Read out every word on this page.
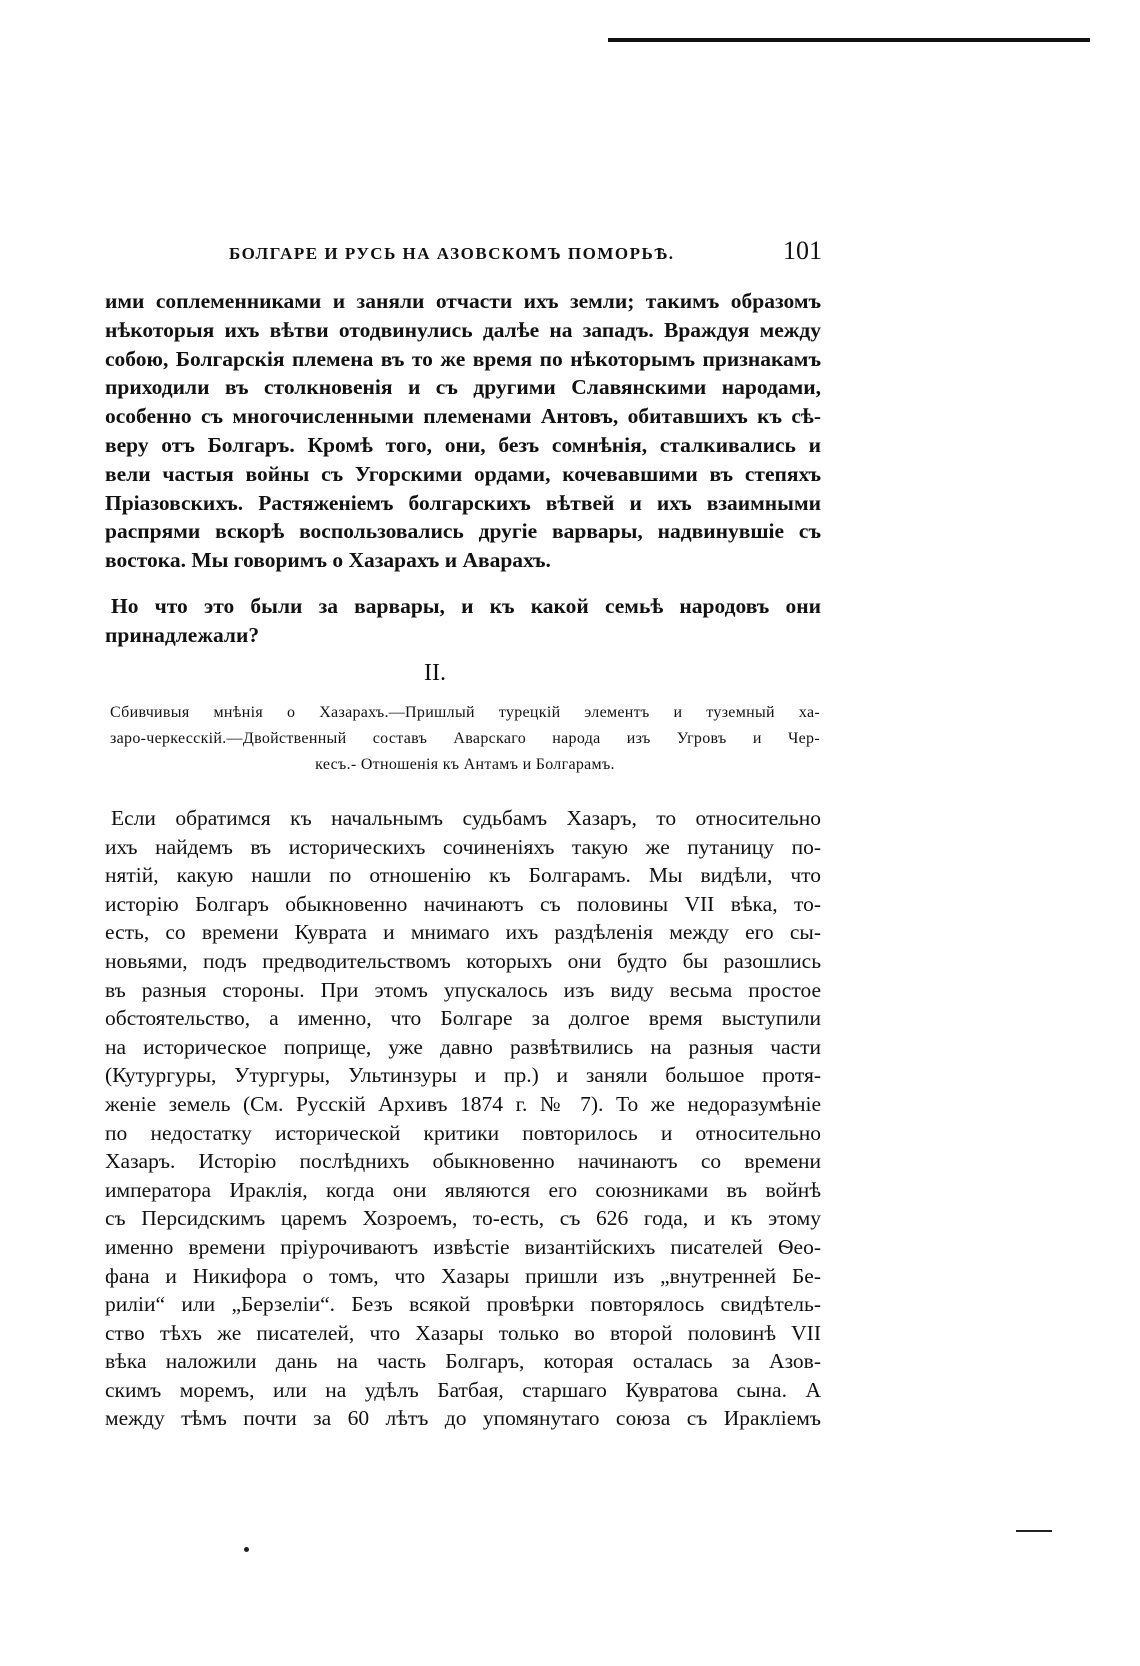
БОЛГАРЕ И РУСЬ НА АЗОВСКОМЪ ПОМОРЬѢ.	101
ими соплеменниками и заняли отчасти ихъ земли; такимъ образомъ
нѣкоторыя ихъ вѣтви отодвинулись далѣе на западъ. Враждуя между
собою, Болгарскія племена въ то же время по нѣкоторымъ признакамъ
приходили въ столкновенія и съ другими Славянскими народами,
особенно съ многочисленными племенами Антовъ, обитавшихъ къ сѣ-
веру отъ Болгаръ. Кромѣ того, они, безъ сомнѣнія, сталкивались и
вели частыя войны съ Угорскими ордами, кочевавшими въ степяхъ
Пріазовскихъ. Растяженіемъ болгарскихъ вѣтвей и ихъ взаимными
распрями вскорѣ воспользовались другіе варвары, надвинувшіе съ
востока. Мы говоримъ о Хазарахъ и Аварахъ.
Но что это были за варвары, и къ какой семьѣ народовъ они
принадлежали?
II.
Сбивчивыя мнѣнія о Хазарахъ.—Пришлый турецкій элементъ и туземный ха-
заро-черкесскій.—Двойственный составъ Аварскаго народа изъ Угровъ и Чер-
кесъ.- Отношенія къ Антамъ и Болгарамъ.
Если обратимся къ начальнымъ судьбамъ Хазаръ, то относительно
ихъ найдемъ въ историческихъ сочиненіяхъ такую же путаницу по-
нятій, какую нашли по отношенію къ Болгарамъ. Мы видѣли, что
исторію Болгаръ обыкновенно начинаютъ съ половины VII вѣка, то-
есть, со времени Кувратa и мнимаго ихъ раздѣленія между его сы-
новьями, подъ предводительствомъ которыхъ они будто бы разошлись
въ разныя стороны. При этомъ упускалось изъ виду весьма простое
обстоятельство, а именно, что Болгаре за долгое время выступили
на историческое поприще, уже давно развѣтвились на разныя части
(Кутургуры, Утургуры, Ультинзуры и пр.) и заняли большое протя-
женіе земель (См. Русскій Архивъ 1874 г. № 7). То же недоразумѣніе
по недостатку исторической критики повторилось и относительно
Хазаръ. Исторію послѣднихъ обыкновенно начинаютъ со времени
императора Ираклія, когда они являются его союзниками въ войнѣ
съ Персидскимъ царемъ Хозроемъ, то-есть, съ 626 года, и къ этому
именно времени пріурочиваютъ извѣстіе византійскихъ писателей Ѳео-
фана и Никифора о томъ, что Хазары пришли изъ „внутренней Бе-
рилiи“ или „Берзеліи“. Безъ всякой провѣрки повторялось свидѣтель-
ство тѣхъ же писателей, что Хазары только во второй половинѣ VII
вѣка наложили дань на часть Болгаръ, которая осталась за Азов-
скимъ моремъ, или на удѣлъ Батбая, старшаго Кувратова сына. А
между тѣмъ почти за 60 лѣтъ до упомянутаго союза съ Иракліемъ
